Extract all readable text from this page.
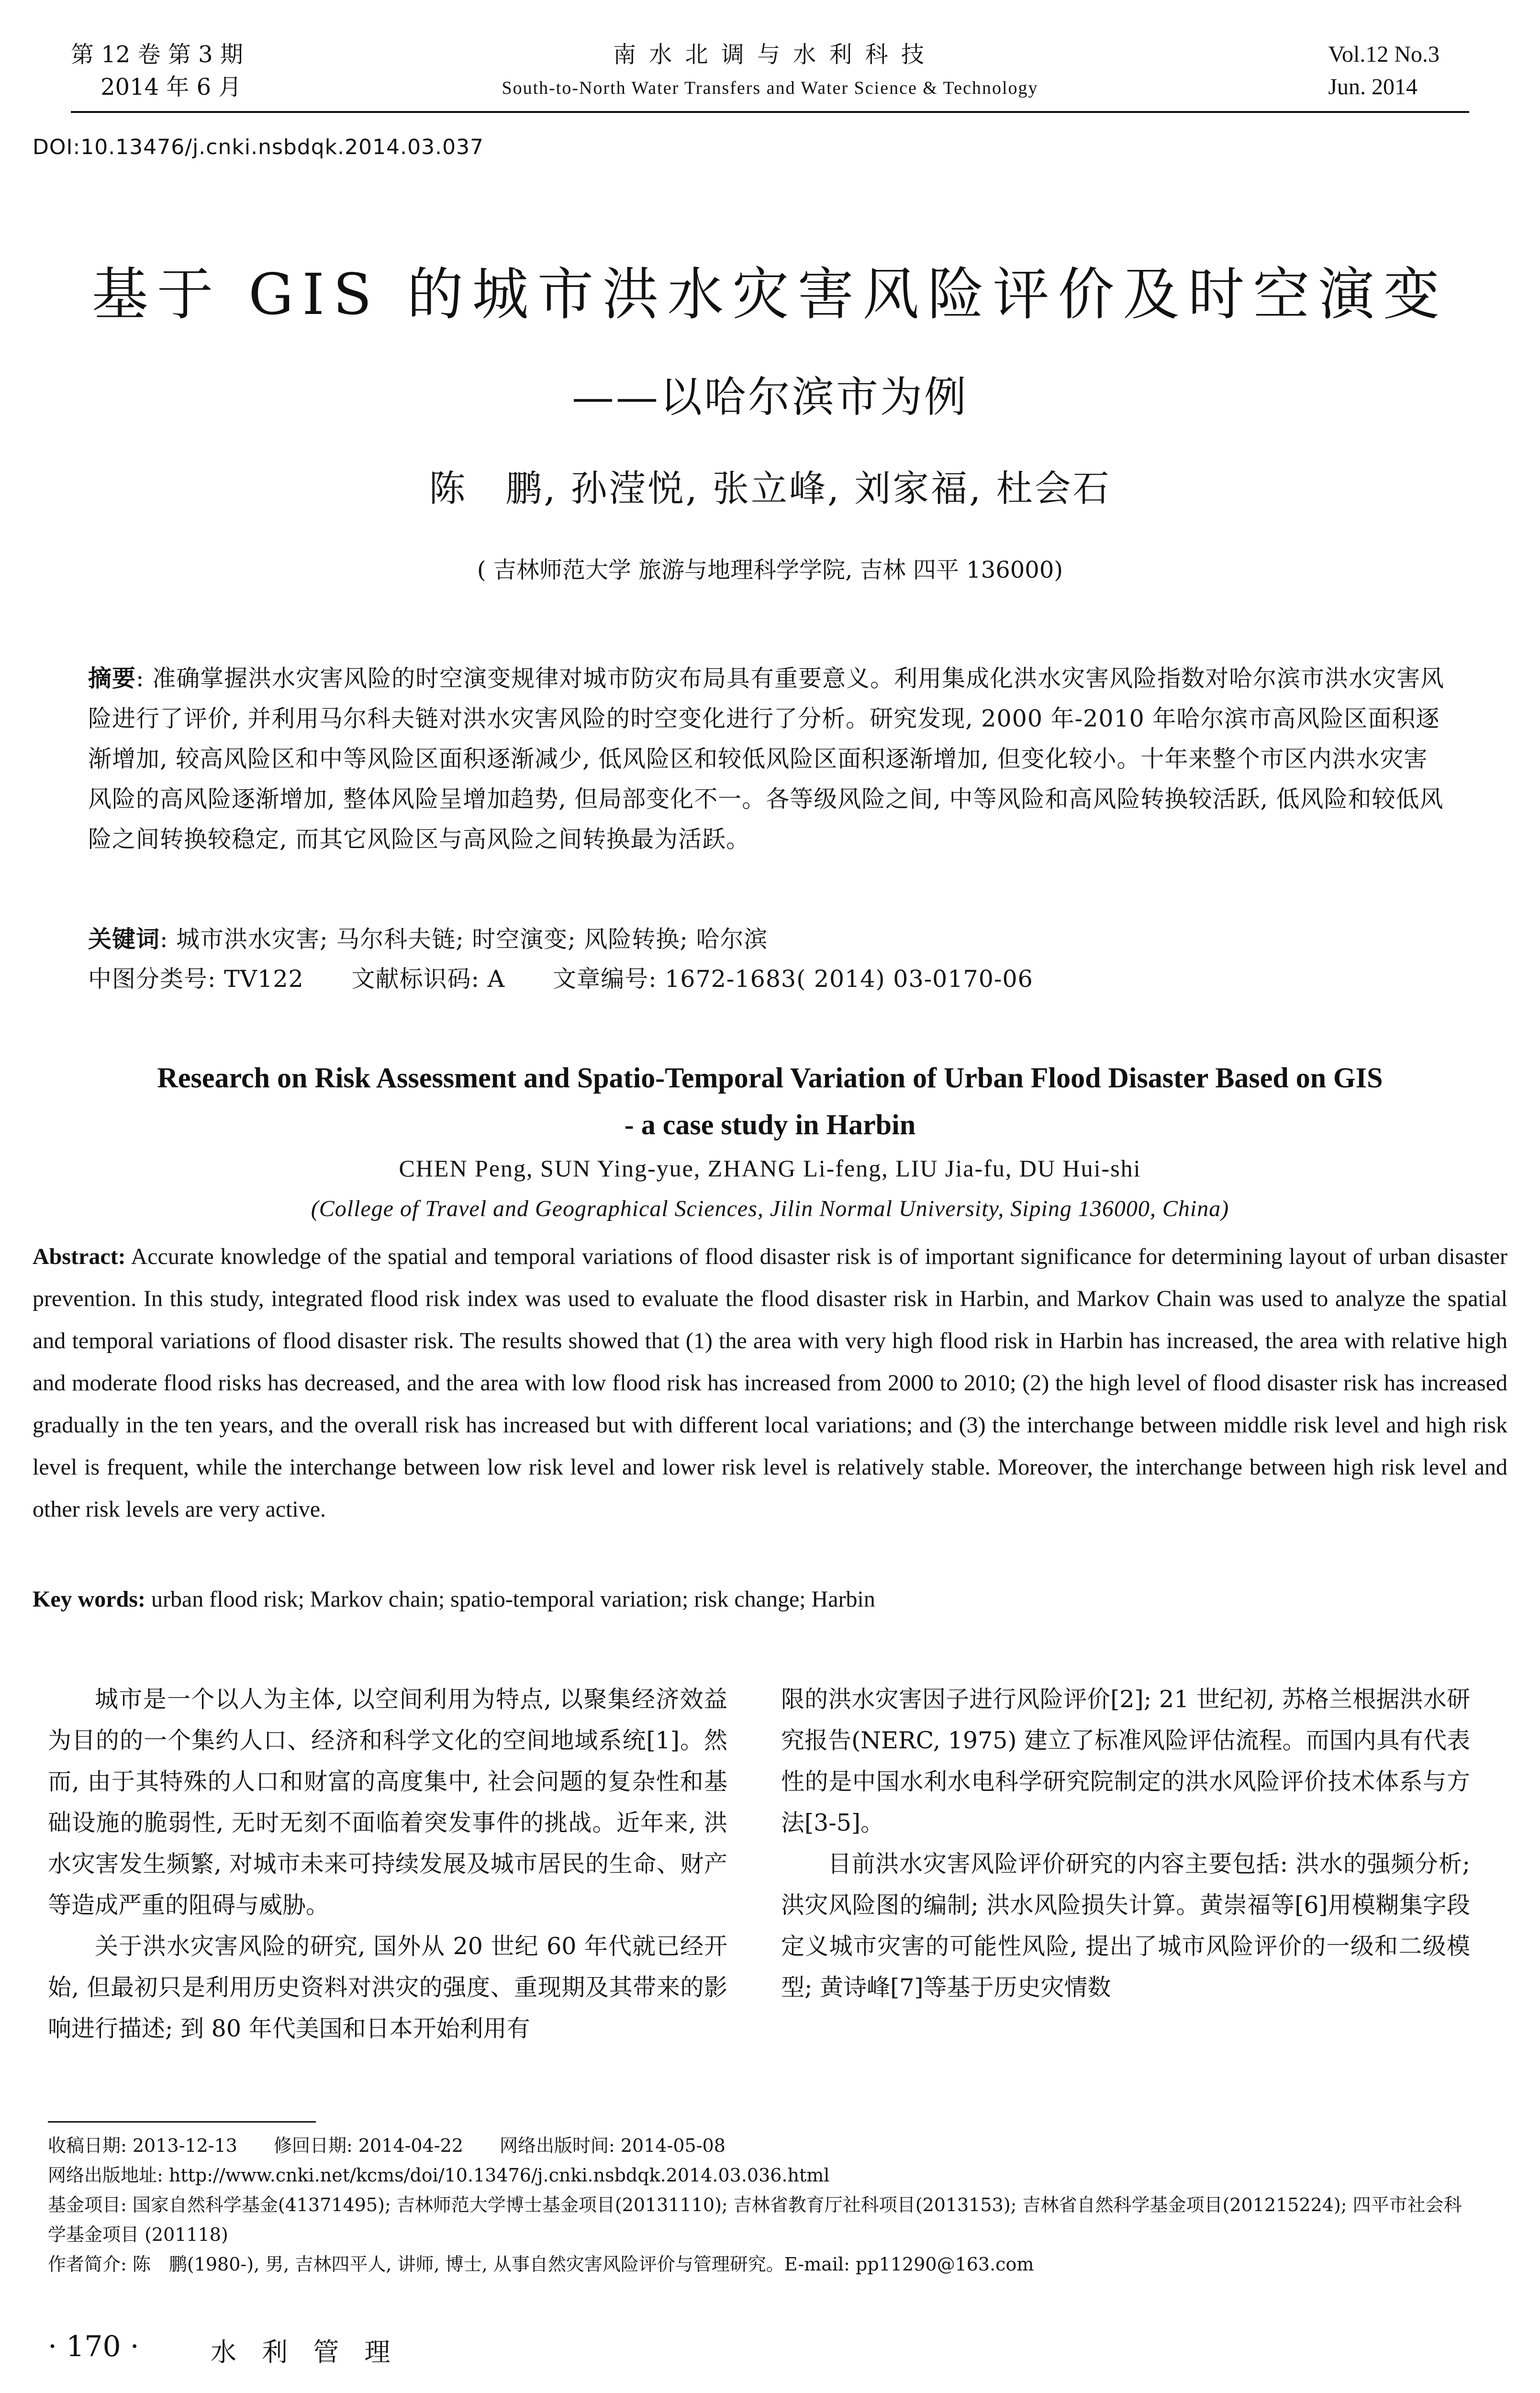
第 12 卷 第 3 期
2014 年 6 月
南 水 北 调 与 水 利 科 技
South-to-North Water Transfers and Water Science & Technology
Vol.12 No.3
Jun. 2014
DOI:10.13476/j.cnki.nsbdqk.2014.03.037
基于 GIS 的城市洪水灾害风险评价及时空演变
——以哈尔滨市为例
陈　鹏, 孙滢悦, 张立峰, 刘家福, 杜会石
( 吉林师范大学 旅游与地理科学学院, 吉林 四平 136000)
摘要: 准确掌握洪水灾害风险的时空演变规律对城市防灾布局具有重要意义。利用集成化洪水灾害风险指数对哈尔滨市洪水灾害风险进行了评价, 并利用马尔科夫链对洪水灾害风险的时空变化进行了分析。研究发现, 2000 年-2010 年哈尔滨市高风险区面积逐渐增加, 较高风险区和中等风险区面积逐渐减少, 低风险区和较低风险区面积逐渐增加, 但变化较小。十年来整个市区内洪水灾害风险的高风险逐渐增加, 整体风险呈增加趋势, 但局部变化不一。各等级风险之间, 中等风险和高风险转换较活跃, 低风险和较低风险之间转换较稳定, 而其它风险区与高风险之间转换最为活跃。
关键词: 城市洪水灾害; 马尔科夫链; 时空演变; 风险转换; 哈尔滨
中图分类号: TV122　　文献标识码: A　　文章编号: 1672-1683( 2014) 03-0170-06
Research on Risk Assessment and Spatio-Temporal Variation of Urban Flood Disaster Based on GIS
- a case study in Harbin
CHEN Peng, SUN Ying-yue, ZHANG Li-feng, LIU Jia-fu, DU Hui-shi
(College of Travel and Geographical Sciences, Jilin Normal University, Siping 136000, China)
Abstract: Accurate knowledge of the spatial and temporal variations of flood disaster risk is of important significance for determining layout of urban disaster prevention. In this study, integrated flood risk index was used to evaluate the flood disaster risk in Harbin, and Markov Chain was used to analyze the spatial and temporal variations of flood disaster risk. The results showed that (1) the area with very high flood risk in Harbin has increased, the area with relative high and moderate flood risks has decreased, and the area with low flood risk has increased from 2000 to 2010; (2) the high level of flood disaster risk has increased gradually in the ten years, and the overall risk has increased but with different local variations; and (3) the interchange between middle risk level and high risk level is frequent, while the interchange between low risk level and lower risk level is relatively stable. Moreover, the interchange between high risk level and other risk levels are very active.
Key words: urban flood risk; Markov chain; spatio-temporal variation; risk change; Harbin

城市是一个以人为主体, 以空间利用为特点, 以聚集经济效益为目的的一个集约人口、经济和科学文化的空间地域系统[1]。然而, 由于其特殊的人口和财富的高度集中, 社会问题的复杂性和基础设施的脆弱性, 无时无刻不面临着突发事件的挑战。近年来, 洪水灾害发生频繁, 对城市未来可持续发展及城市居民的生命、财产等造成严重的阻碍与威胁。

关于洪水灾害风险的研究, 国外从 20 世纪 60 年代就已经开始, 但最初只是利用历史资料对洪灾的强度、重现期及其带来的影响进行描述; 到 80 年代美国和日本开始利用有

限的洪水灾害因子进行风险评价[2]; 21 世纪初, 苏格兰根据洪水研究报告(NERC, 1975) 建立了标准风险评估流程。而国内具有代表性的是中国水利水电科学研究院制定的洪水风险评价技术体系与方法[3-5]。

目前洪水灾害风险评价研究的内容主要包括: 洪水的强频分析; 洪灾风险图的编制; 洪水风险损失计算。黄崇福等[6]用模糊集字段定义城市灾害的可能性风险, 提出了城市风险评价的一级和二级模型; 黄诗峰[7]等基于历史灾情数

收稿日期: 2013-12-13　　修回日期: 2014-04-22　　网络出版时间: 2014-05-08
网络出版地址: http://www.cnki.net/kcms/doi/10.13476/j.cnki.nsbdqk.2014.03.036.html
基金项目: 国家自然科学基金(41371495); 吉林师范大学博士基金项目(20131110); 吉林省教育厅社科项目(2013153); 吉林省自然科学基金项目(201215224); 四平市社会科学基金项目 (201118)
作者简介: 陈　鹏(1980-), 男, 吉林四平人, 讲师, 博士, 从事自然灾害风险评价与管理研究。E-mail: pp11290@163.com
· 170 ·	水 利 管 理
